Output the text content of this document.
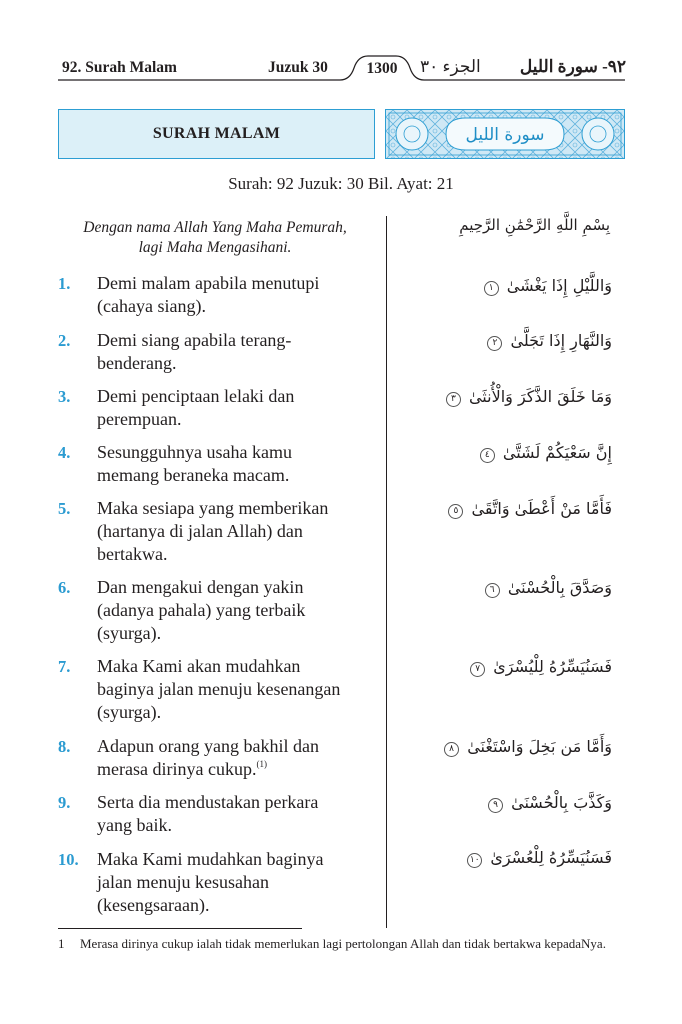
92. Surah Malam	Juzuk 30	1300	الجزء ٣٠ ٩٢- سورة الليل
SURAH MALAM	سورة الليل
Surah: 92 Juzuk: 30 Bil. Ayat: 21
Dengan nama Allah Yang Maha Pemurah,
lagi Maha Mengasihani.
بِسْمِ اللَّهِ الرَّحْمَٰنِ الرَّحِيمِ
1. Demi malam apabila menutupi
(cahaya siang).
وَاللَّيْلِ إِذَا يَغْشَىٰ ١
2. Demi siang apabila terang-
benderang.
وَالنَّهَارِ إِذَا تَجَلَّىٰ ٢
3. Demi penciptaan lelaki dan
perempuan.
وَمَا خَلَقَ الذَّكَرَ وَالْأُنثَىٰ ٣
4. Sesungguhnya usaha kamu
memang beraneka macam.
إِنَّ سَعْيَكُمْ لَشَتَّىٰ ٤
5. Maka sesiapa yang memberikan
(hartanya di jalan Allah) dan
bertakwa.
فَأَمَّا مَنْ أَعْطَىٰ وَاتَّقَىٰ ٥
6. Dan mengakui dengan yakin
(adanya pahala) yang terbaik
(syurga).
وَصَدَّقَ بِالْحُسْنَىٰ ٦
7. Maka Kami akan mudahkan
baginya jalan menuju kesenangan
(syurga).
فَسَنُيَسِّرُهُ لِلْيُسْرَىٰ ٧
8. Adapun orang yang bakhil dan
merasa dirinya cukup.$^{(1)}$
وَأَمَّا مَن بَخِلَ وَاسْتَغْنَىٰ ٨
9. Serta dia mendustakan perkara
yang baik.
وَكَذَّبَ بِالْحُسْنَىٰ ٩
10. Maka Kami mudahkan baginya
jalan menuju kesusahan
(kesengsaraan).
فَسَنُيَسِّرُهُ لِلْعُسْرَىٰ ١٠
1 Merasa dirinya cukup ialah tidak memerlukan lagi pertolongan Allah dan tidak bertakwa kepadaNya.
